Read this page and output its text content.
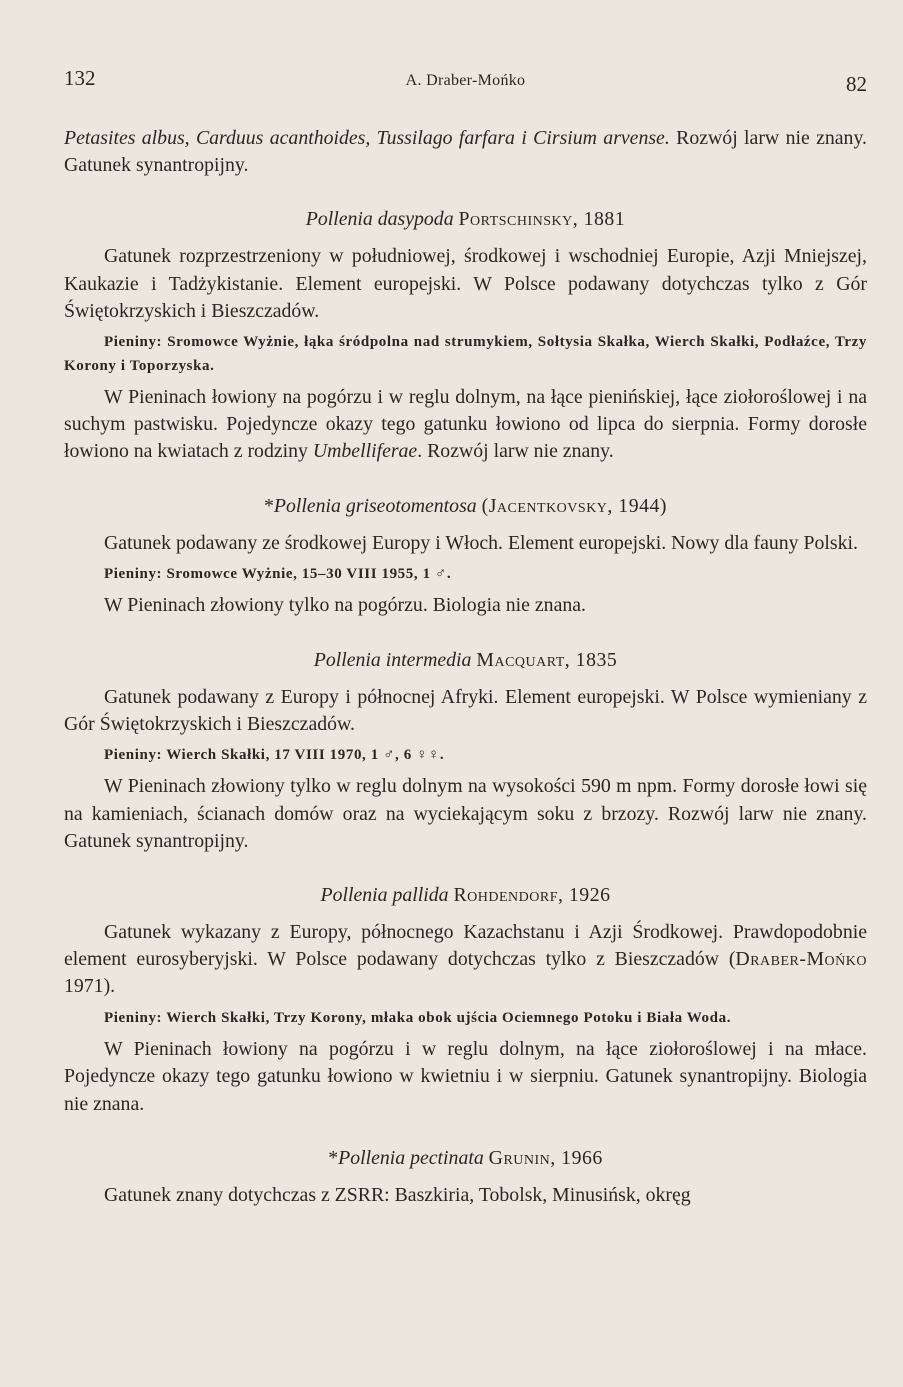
132	A. Draber-Mońko	82

Petasites albus, Carduus acanthoides, Tussilago farfara i Cirsium arvense. Rozwój larw nie znany. Gatunek synantropijny.

Pollenia dasypoda Portschinsky, 1881

Gatunek rozprzestrzeniony w południowej, środkowej i wschodniej Europie, Azji Mniejszej, Kaukazie i Tadżykistanie. Element europejski. W Polsce podawany dotychczas tylko z Gór Świętokrzyskich i Bieszczadów.

Pieniny: Sromowce Wyżnie, łąka śródpolna nad strumykiem, Sołtysia Skałka, Wierch Skałki, Podłaźce, Trzy Korony i Toporzyska.

W Pieninach łowiony na pogórzu i w reglu dolnym, na łące pienińskiej, łące ziołoroślowej i na suchym pastwisku. Pojedyncze okazy tego gatunku łowiono od lipca do sierpnia. Formy dorosłe łowiono na kwiatach z rodziny Umbelliferae. Rozwój larw nie znany.

*Pollenia griseotomentosa (Jacentkovsky, 1944)

Gatunek podawany ze środkowej Europy i Włoch. Element europejski. Nowy dla fauny Polski.

Pieniny: Sromowce Wyżnie, 15–30 VIII 1955, 1 ♂.

W Pieninach złowiony tylko na pogórzu. Biologia nie znana.

Pollenia intermedia Macquart, 1835

Gatunek podawany z Europy i północnej Afryki. Element europejski. W Polsce wymieniany z Gór Świętokrzyskich i Bieszczadów.

Pieniny: Wierch Skałki, 17 VIII 1970, 1 ♂, 6 ♀♀.

W Pieninach złowiony tylko w reglu dolnym na wysokości 590 m npm. Formy dorosłe łowi się na kamieniach, ścianach domów oraz na wyciekającym soku z brzozy. Rozwój larw nie znany. Gatunek synantropijny.

Pollenia pallida Rohdendorf, 1926

Gatunek wykazany z Europy, północnego Kazachstanu i Azji Środkowej. Prawdopodobnie element eurosyberyjski. W Polsce podawany dotychczas tylko z Bieszczadów (Draber-Mońko 1971).

Pieniny: Wierch Skałki, Trzy Korony, młaka obok ujścia Ociemnego Potoku i Biała Woda.

W Pieninach łowiony na pogórzu i w reglu dolnym, na łące ziołoroślowej i na młace. Pojedyncze okazy tego gatunku łowiono w kwietniu i w sierpniu. Gatunek synantropijny. Biologia nie znana.

*Pollenia pectinata Grunin, 1966

Gatunek znany dotychczas z ZSRR: Baszkiria, Tobolsk, Minusińsk, okręg
